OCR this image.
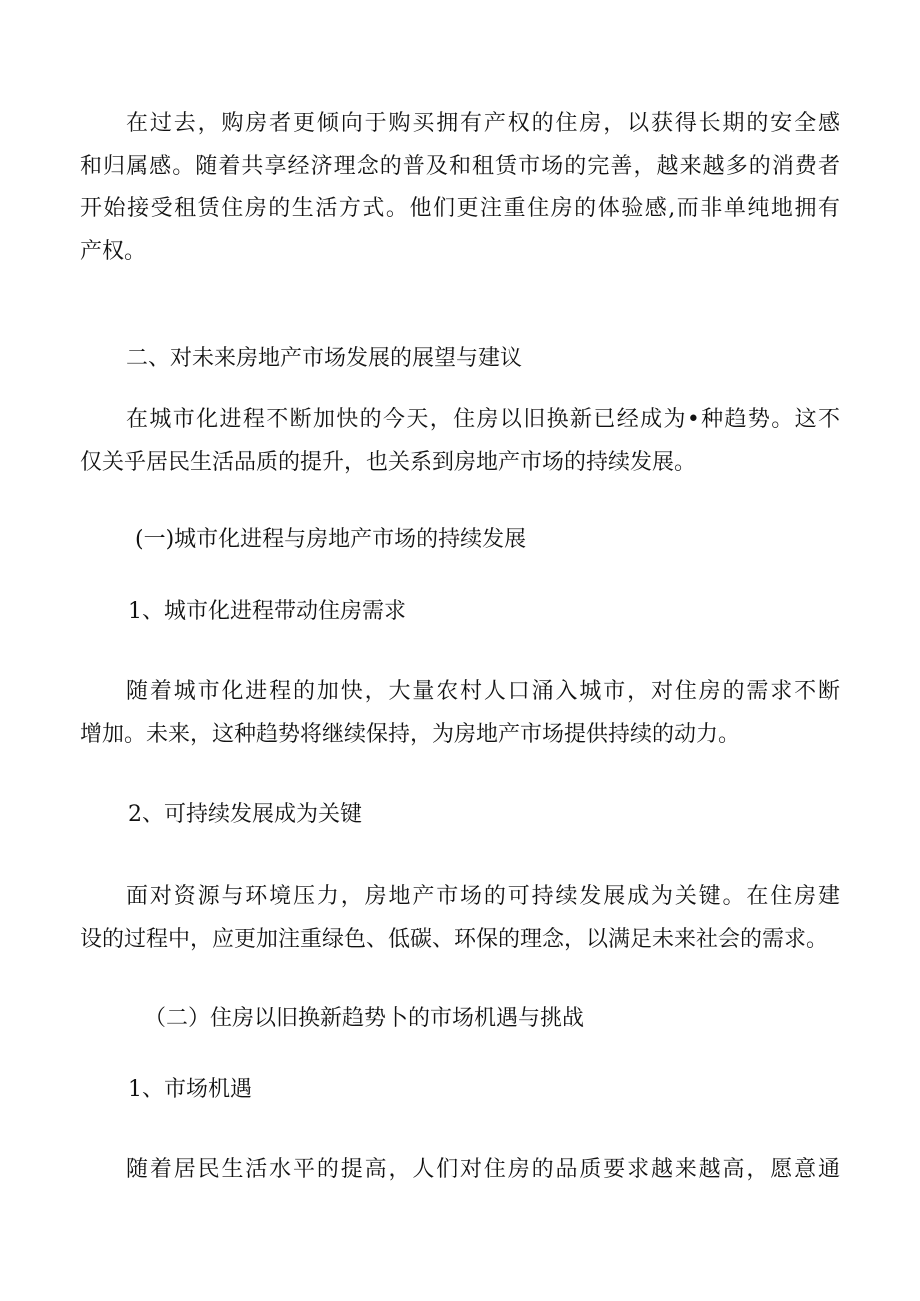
在过去，购房者更倾向于购买拥有产权的住房，以获得长期的安全感
和归属感。随着共享经济理念的普及和租赁市场的完善，越来越多的消费者
开始接受租赁住房的生活方式。他们更注重住房的体验感,而非单纯地拥有
产权。
二、对未来房地产市场发展的展望与建议
在城市化进程不断加快的今天，住房以旧换新已经成为•种趋势。这不
仅关乎居民生活品质的提升，也关系到房地产市场的持续发展。
(一)城市化进程与房地产市场的持续发展
1、城市化进程带动住房需求
随着城市化进程的加快，大量农村人口涌入城市，对住房的需求不断
增加。未来，这种趋势将继续保持，为房地产市场提供持续的动力。
2、可持续发展成为关键
面对资源与环境压力，房地产市场的可持续发展成为关键。在住房建
设的过程中，应更加注重绿色、低碳、环保的理念，以满足未来社会的需求。
（二）住房以旧换新趋势卜的市场机遇与挑战
1、市场机遇
随着居民生活水平的提高，人们对住房的品质要求越来越高，愿意通
